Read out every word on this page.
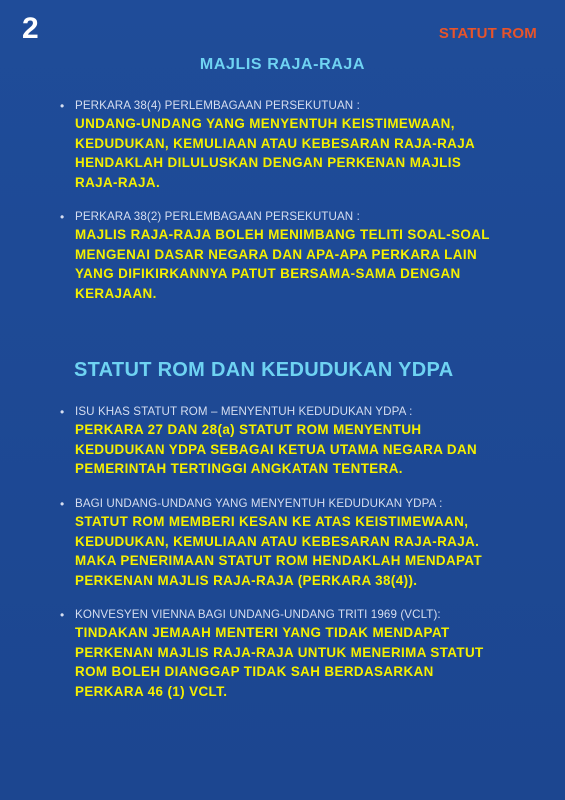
2	STATUT ROM
MAJLIS RAJA-RAJA
• PERKARA 38(4) PERLEMBAGAAN PERSEKUTUAN :
UNDANG-UNDANG YANG MENYENTUH KEISTIMEWAAN,
KEDUDUKAN, KEMULIAAN ATAU KEBESARAN RAJA-RAJA
HENDAKLAH DILULUSKAN DENGAN PERKENAN MAJLIS
RAJA-RAJA.
• PERKARA 38(2) PERLEMBAGAAN PERSEKUTUAN :
MAJLIS RAJA-RAJA BOLEH MENIMBANG TELITI SOAL-SOAL
MENGENAI DASAR NEGARA DAN APA-APA PERKARA LAIN
YANG DIFIKIRKANNYA PATUT BERSAMA-SAMA DENGAN
KERAJAAN.
STATUT ROM DAN KEDUDUKAN YDPA
• ISU KHAS STATUT ROM – MENYENTUH KEDUDUKAN YDPA :
PERKARA 27 DAN 28(a) STATUT ROM MENYENTUH
KEDUDUKAN YDPA SEBAGAI KETUA UTAMA NEGARA DAN
PEMERINTAH TERTINGGI ANGKATAN TENTERA.
• BAGI UNDANG-UNDANG YANG MENYENTUH KEDUDUKAN YDPA :
STATUT ROM MEMBERI KESAN KE ATAS KEISTIMEWAAN,
KEDUDUKAN, KEMULIAAN ATAU KEBESARAN RAJA-RAJA.
MAKA PENERIMAAN STATUT ROM HENDAKLAH MENDAPAT
PERKENAN MAJLIS RAJA-RAJA (PERKARA 38(4)).
• KONVESYEN VIENNA BAGI UNDANG-UNDANG TRITI 1969 (VCLT):
TINDAKAN JEMAAH MENTERI YANG TIDAK MENDAPAT
PERKENAN MAJLIS RAJA-RAJA UNTUK MENERIMA STATUT
ROM BOLEH DIANGGAP TIDAK SAH BERDASARKAN
PERKARA 46 (1) VCLT.
